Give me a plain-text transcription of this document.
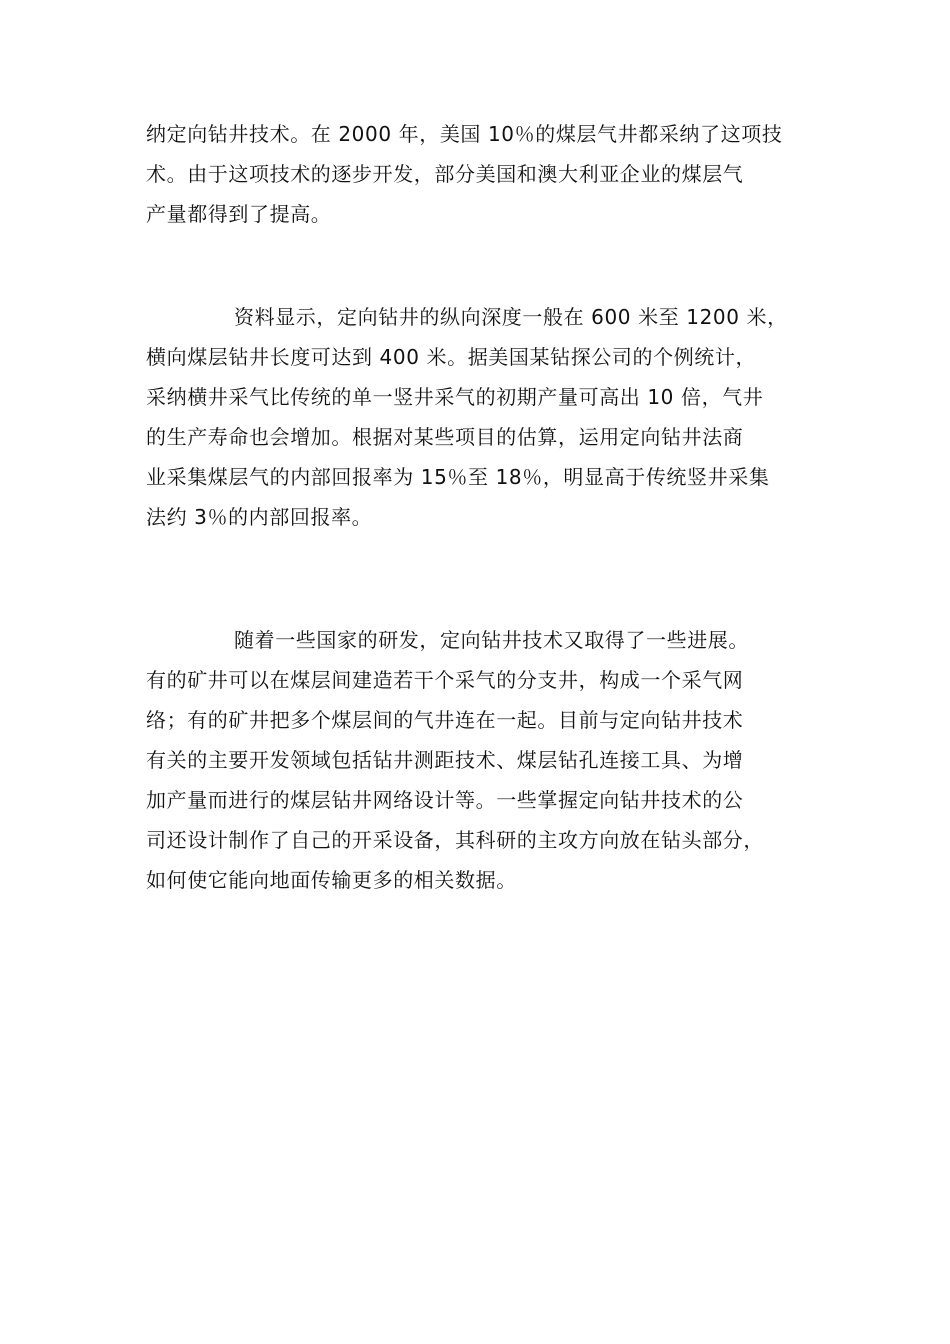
纳定向钻井技术。在 2000 年，美国 10％的煤层气井都采纳了这项技
术。由于这项技术的逐步开发，部分美国和澳大利亚企业的煤层气
产量都得到了提高。
资料显示，定向钻井的纵向深度一般在 600 米至 1200 米，
横向煤层钻井长度可达到 400 米。据美国某钻探公司的个例统计，
采纳横井采气比传统的单一竖井采气的初期产量可高出 10 倍，气井
的生产寿命也会增加。根据对某些项目的估算，运用定向钻井法商
业采集煤层气的内部回报率为 15％至 18％，明显高于传统竖井采集
法约 3％的内部回报率。
随着一些国家的研发，定向钻井技术又取得了一些进展。
有的矿井可以在煤层间建造若干个采气的分支井，构成一个采气网
络；有的矿井把多个煤层间的气井连在一起。目前与定向钻井技术
有关的主要开发领域包括钻井测距技术、煤层钻孔连接工具、为增
加产量而进行的煤层钻井网络设计等。一些掌握定向钻井技术的公
司还设计制作了自己的开采设备，其科研的主攻方向放在钻头部分，
如何使它能向地面传输更多的相关数据。
